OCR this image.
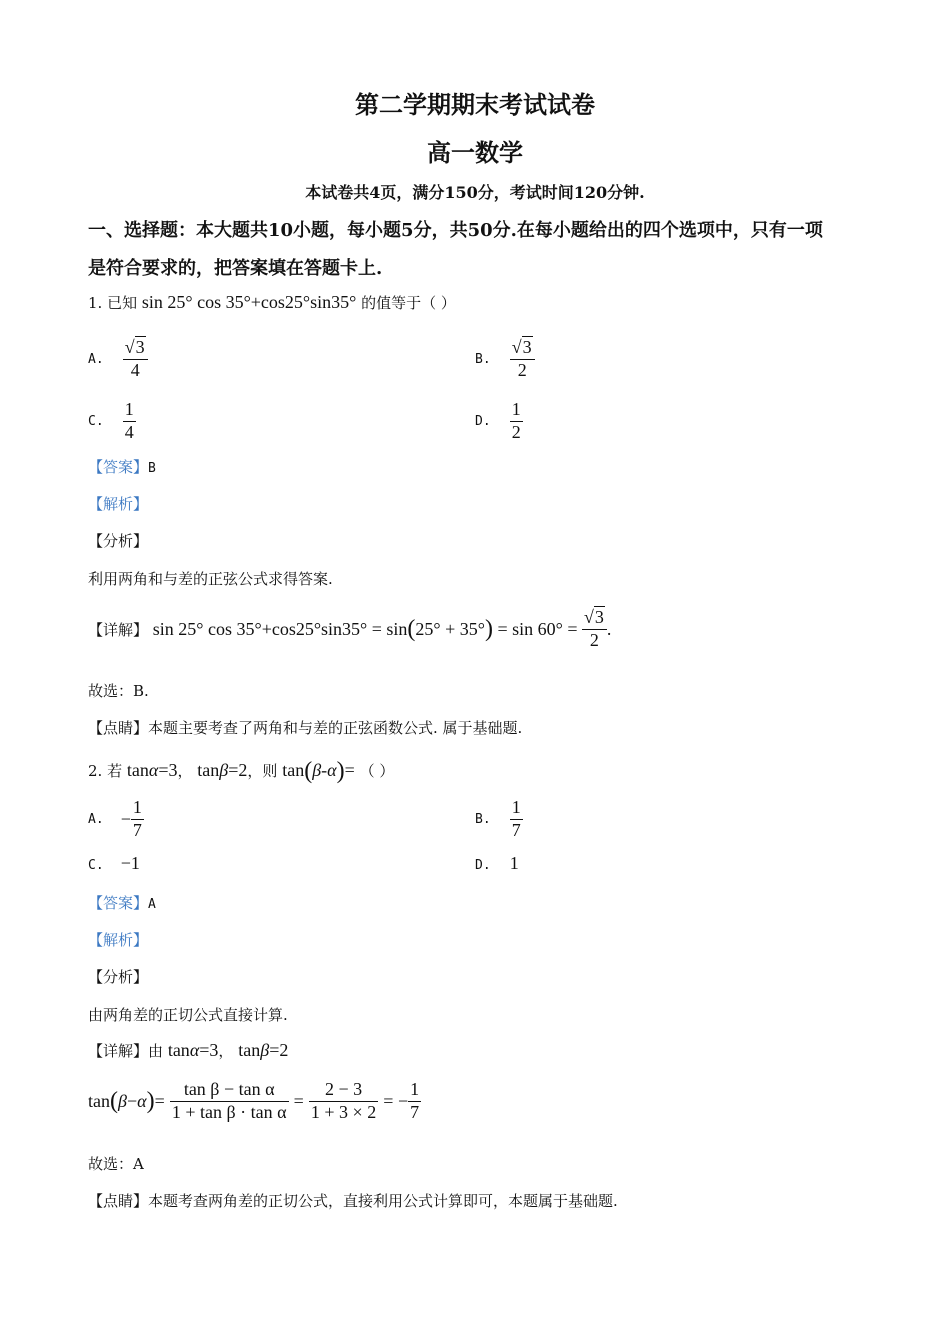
第二学期期末考试试卷
高一数学
本试卷共4页，满分150分，考试时间120分钟.
一、选择题：本大题共10小题，每小题5分，共50分.在每小题给出的四个选项中，只有一项
是符合要求的，把答案填在答题卡上.
1. 已知 sin 25° cos 35°+cos25°sin35° 的值等于（ ）
A. $\frac{√3}{4}$	B. $\frac{√3}{2}$
C. $\frac{1}{4}$	D. $\frac{1}{2}$
【答案】B
【解析】
【分析】
利用两角和与差的正弦公式求得答案.
【详解】 sin 25° $\cos 35^\circ+\cos 25^\circ\sin 35^\circ = \sin(25^\circ + 35^\circ) = \sin 60^\circ = \frac{√3}{2}$ .
故选：B.
【点睛】本题主要考查了两角和与差的正弦函数公式. 属于基础题.
2. 若 tanα=3， tanβ=2，则 tan(β-α)= （ ）
A. − $\frac{1}{7}$	B. $\frac{1}{7}$
C. −1	D. 1
【答案】A
【解析】
【分析】
由两角差的正切公式直接计算.
【详解】由 tanα=3， tanβ=2
$\tan(\beta-\alpha)= \frac{\text{tan β − tan α}}{\text{1 + tan β · tan α}} = \frac{2 - 3}{1 + 3 \times 2}$ = − $\frac{1}{7}$
故选：A
【点睛】本题考查两角差的正切公式，直接利用公式计算即可，本题属于基础题.
